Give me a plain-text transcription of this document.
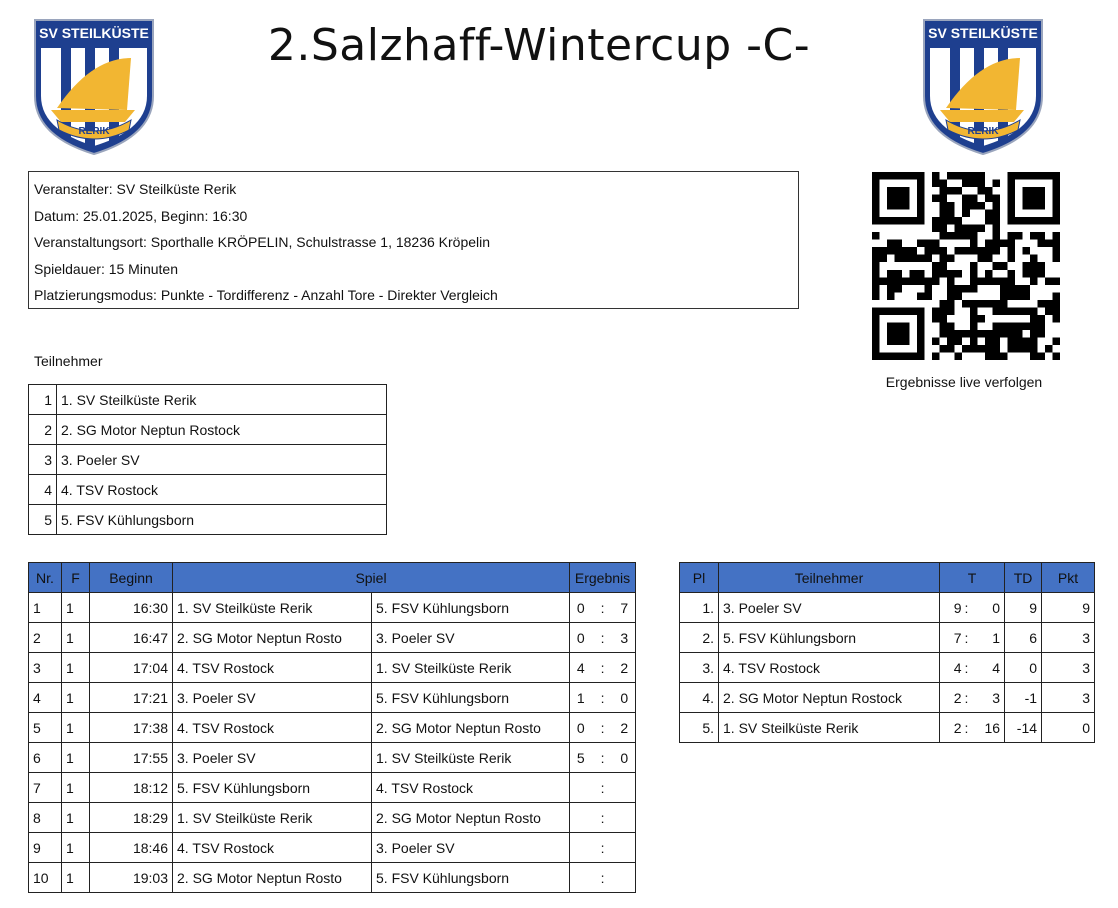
SV STEILKÜSTE
RERIK
2.Salzhaff-Wintercup -C-	SV STEILKÜSTE
RERIK
Veranstalter: SV Steilküste Rerik
Datum: 25.01.2025, Beginn: 16:30
Veranstaltungsort: Sporthalle KRÖPELIN, Schulstrasse 1, 18236 Kröpelin
Spieldauer: 15 Minuten
Platzierungsmodus: Punkte - Tordifferenz - Anzahl Tore - Direkter Vergleich
Ergebnisse live verfolgen
Teilnehmer
1	1. SV Steilküste Rerik
2	2. SG Motor Neptun Rostock
3	3. Poeler SV
4	4. TSV Rostock
5	5. FSV Kühlungsborn
Nr.	F	Beginn	Spiel		Ergebnis		
1	1	16:30	1. SV Steilküste Rerik	5. FSV Kühlungsborn	0	:	7
2	1	16:47	2. SG Motor Neptun Rosto	3. Poeler SV	0	:	3
3	1	17:04	4. TSV Rostock	1. SV Steilküste Rerik	4	:	2
4	1	17:21	3. Poeler SV	5. FSV Kühlungsborn	1	:	0
5	1	17:38	4. TSV Rostock	2. SG Motor Neptun Rosto	0	:	2
6	1	17:55	3. Poeler SV	1. SV Steilküste Rerik	5	:	0
7	1	18:12	5. FSV Kühlungsborn	4. TSV Rostock		:	
8	1	18:29	1. SV Steilküste Rerik	2. SG Motor Neptun Rosto		:	
9	1	18:46	4. TSV Rostock	3. Poeler SV		:	
10	1	19:03	2. SG Motor Neptun Rosto	5. FSV Kühlungsborn		:	
Pl	Teilnehmer	T			TD	Pkt
1.	3. Poeler SV	9	:	0	9	9
2.	5. FSV Kühlungsborn	7	:	1	6	3
3.	4. TSV Rostock	4	:	4	0	3
4.	2. SG Motor Neptun Rostock	2	:	3	-1	3
5.	1. SV Steilküste Rerik	2	:	16	-14	0
